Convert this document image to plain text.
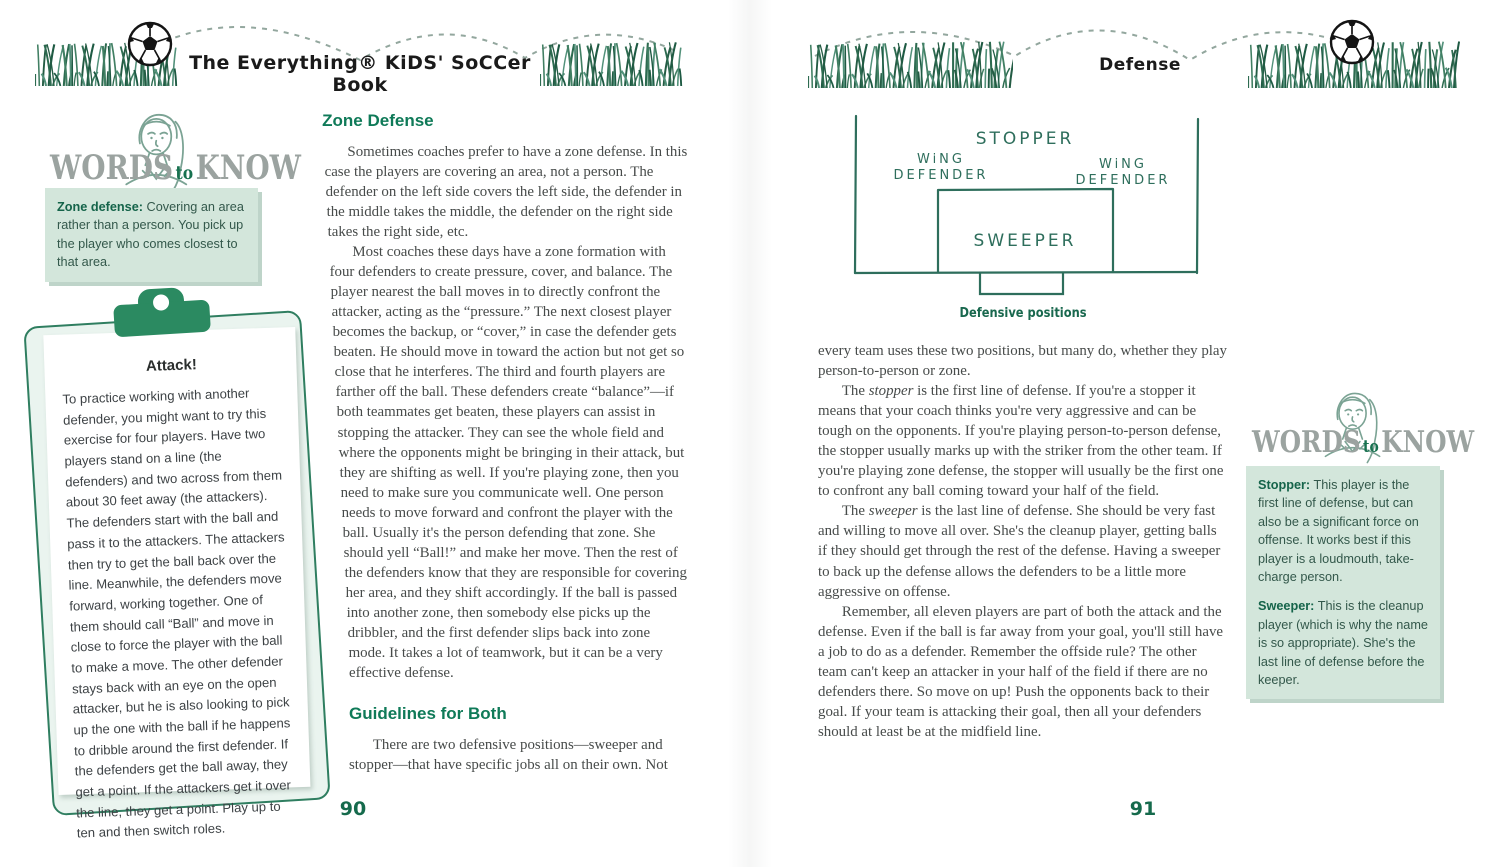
The Everything® KiDS' SoCCer Book
WORDS to KNOW
Zone defense: Covering an area rather than a person. You pick up the player who comes closest to that area.
Zone Defense

Sometimes coaches prefer to have a zone defense. In this case the players are covering an area, not a person. The defender on the left side covers the left side, the defender in the middle takes the middle, the defender on the right side takes the right side, etc.

Most coaches these days have a zone formation with four defenders to create pressure, cover, and balance. The player nearest the ball moves in to directly confront the attacker, acting as the “pressure.” The next closest player becomes the backup, or “cover,” in case the defender gets beaten. He should move in toward the action but not get so close that he interferes. The third and fourth players are farther off the ball. These defenders create “balance”—if both teammates get beaten, these players can assist in stopping the attacker. They can see the whole field and where the opponents might be bringing in their attack, but they are shifting as well. If you're playing zone, then you need to make sure you communicate well. One person needs to move forward and confront the player with the ball. Usually it's the person defending that zone. She should yell “Ball!” and make her move. Then the rest of the defenders know that they are responsible for covering her area, and they shift accordingly. If the ball is passed into another zone, then somebody else picks up the dribbler, and the first defender slips back into zone mode. It takes a lot of teamwork, but it can be a very effective defense.

Guidelines for Both

There are two defensive positions—sweeper and stopper—that have specific jobs all on their own. Not

Attack!

To practice working with another defender, you might want to try this exercise for four players. Have two players stand on a line (the defenders) and two across from them about 30 feet away (the attackers). The defenders start with the ball and pass it to the attackers. The attackers then try to get the ball back over the line. Meanwhile, the defenders move forward, working together. One of them should call “Ball” and move in close to force the player with the ball to make a move. The other defender stays back with an eye on the open attacker, but he is also looking to pick up the one with the ball if he happens to dribble around the first defender. If the defenders get the ball away, they get a point. If the attackers get it over the line, they get a point. Play up to ten and then switch roles.

90
Defense
STOPPER
WiNG
DEFENDER
WiNG
DEFENDER
SWEEPER
Defensive positions

every team uses these two positions, but many do, whether they play person-to-person or zone.

The stopper is the first line of defense. If you're a stopper it means that your coach thinks you're very aggressive and can be tough on the opponents. If you're playing person-to-person defense, the stopper usually marks up with the striker from the other team. If you're playing zone defense, the stopper will usually be the first one to confront any ball coming toward your half of the field.

The sweeper is the last line of defense. She should be very fast and willing to move all over. She's the cleanup player, getting balls if they should get through the rest of the defense. Having a sweeper to back up the defense allows the defenders to be a little more aggressive on offense.

Remember, all eleven players are part of both the attack and the defense. Even if the ball is far away from your goal, you'll still have a job to do as a defender. Remember the offside rule? The other team can't keep an attacker in your half of the field if there are no defenders there. So move on up! Push the opponents back to their goal. If your team is attacking their goal, then all your defenders should at least be at the midfield line.

WORDS to KNOW
Stopper: This player is the first line of defense, but can also be a significant force on offense. It works best if this player is a loudmouth, take-charge person.
Sweeper: This is the cleanup player (which is why the name is so appropriate). She's the last line of defense before the keeper.
91
